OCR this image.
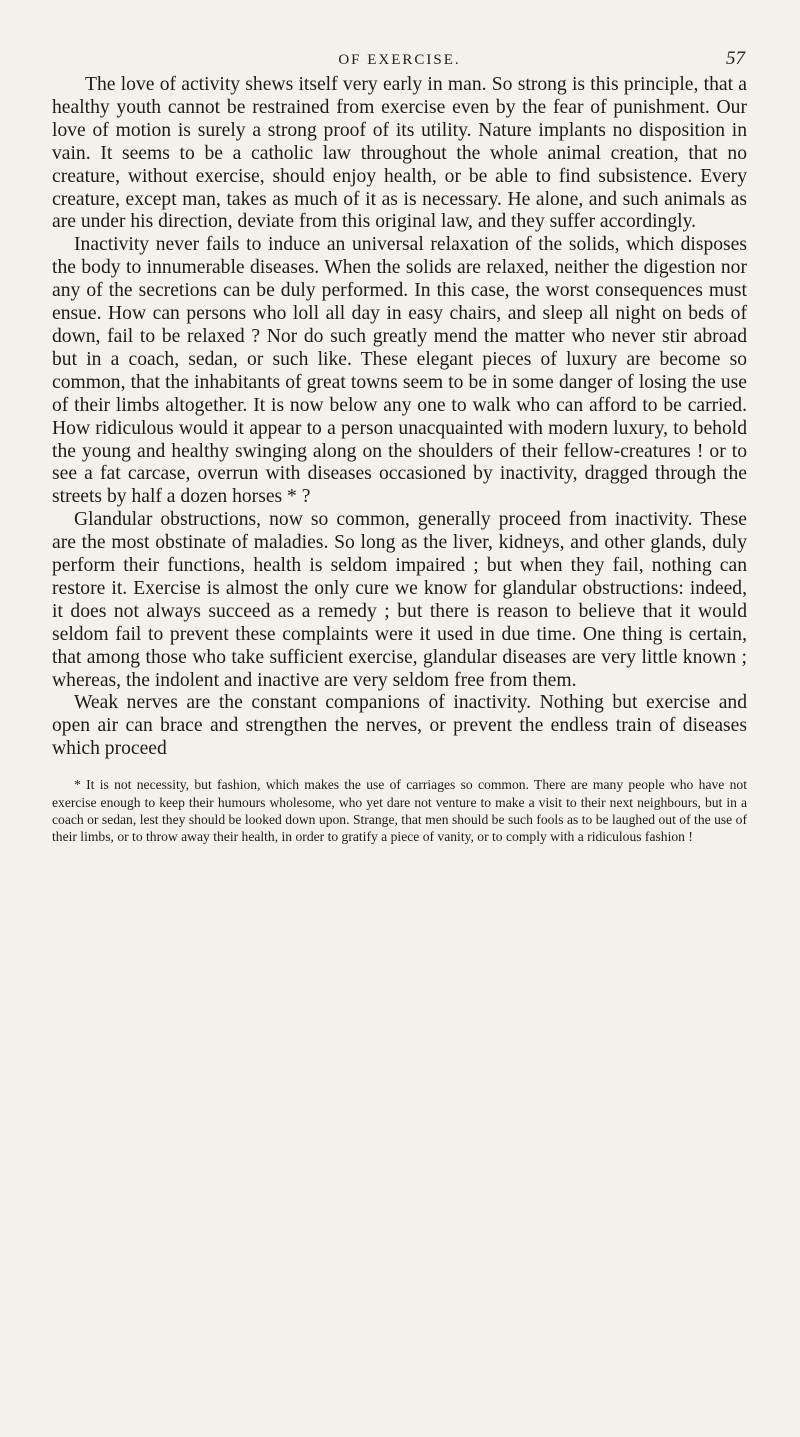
OF EXERCISE.	57

The love of activity shews itself very early in man. So strong is this principle, that a healthy youth cannot be restrained from exercise even by the fear of punishment. Our love of motion is surely a strong proof of its utility. Nature implants no disposition in vain. It seems to be a catholic law throughout the whole animal creation, that no creature, without exercise, should enjoy health, or be able to find subsistence. Every creature, except man, takes as much of it as is necessary. He alone, and such animals as are under his direction, deviate from this original law, and they suffer accordingly.

Inactivity never fails to induce an universal relaxation of the solids, which disposes the body to innumerable diseases. When the solids are relaxed, neither the digestion nor any of the secretions can be duly performed. In this case, the worst consequences must ensue. How can persons who loll all day in easy chairs, and sleep all night on beds of down, fail to be relaxed ? Nor do such greatly mend the matter who never stir abroad but in a coach, sedan, or such like. These elegant pieces of luxury are become so common, that the inhabitants of great towns seem to be in some danger of losing the use of their limbs altogether. It is now below any one to walk who can afford to be carried. How ridiculous would it appear to a person unacquainted with modern luxury, to behold the young and healthy swinging along on the shoulders of their fellow-creatures ! or to see a fat carcase, overrun with diseases occasioned by inactivity, dragged through the streets by half a dozen horses * ?

Glandular obstructions, now so common, generally proceed from inactivity. These are the most obstinate of maladies. So long as the liver, kidneys, and other glands, duly perform their functions, health is seldom impaired ; but when they fail, nothing can restore it. Exercise is almost the only cure we know for glandular obstructions: indeed, it does not always succeed as a remedy ; but there is reason to believe that it would seldom fail to prevent these complaints were it used in due time. One thing is certain, that among those who take sufficient exercise, glandular diseases are very little known ; whereas, the indolent and inactive are very seldom free from them.

Weak nerves are the constant companions of inactivity. Nothing but exercise and open air can brace and strengthen the nerves, or prevent the endless train of diseases which proceed

* It is not necessity, but fashion, which makes the use of carriages so common. There are many people who have not exercise enough to keep their humours wholesome, who yet dare not venture to make a visit to their next neighbours, but in a coach or sedan, lest they should be looked down upon. Strange, that men should be such fools as to be laughed out of the use of their limbs, or to throw away their health, in order to gratify a piece of vanity, or to comply with a ridiculous fashion !
